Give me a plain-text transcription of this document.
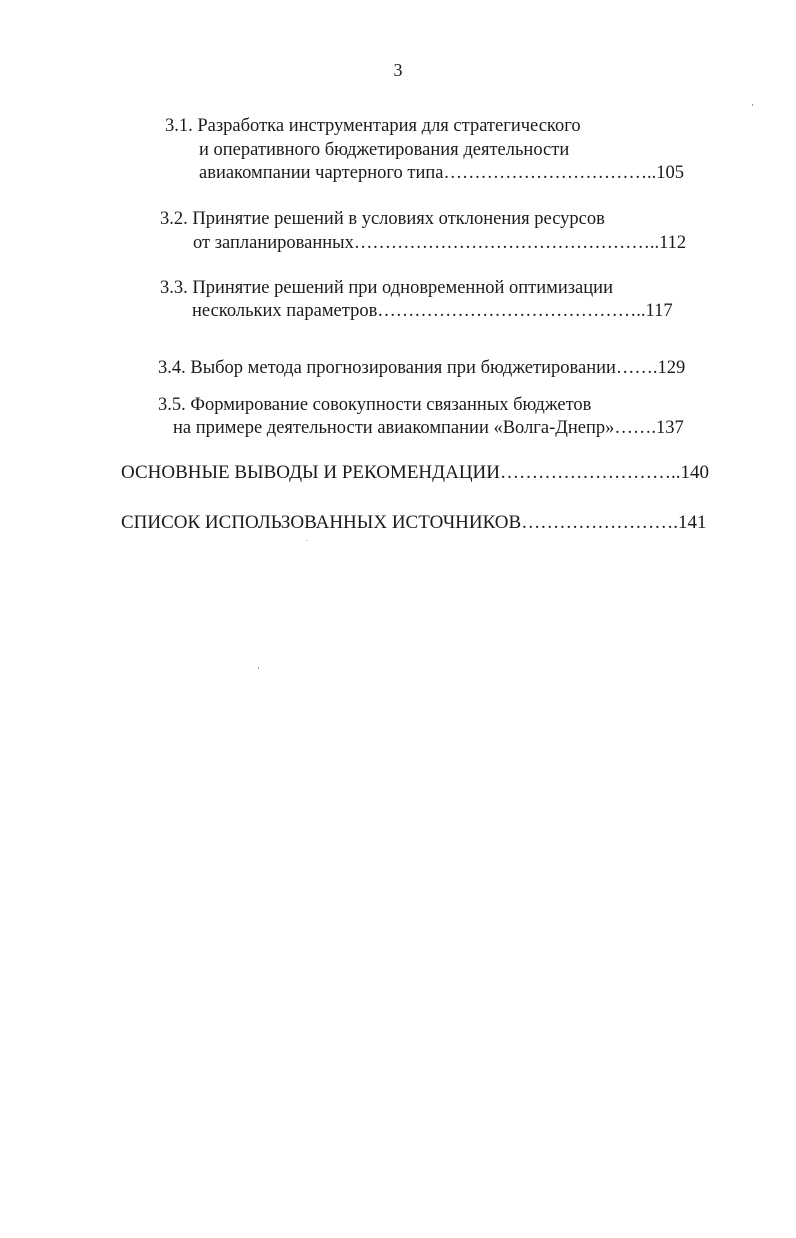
3
3.1. Разработка инструментария для стратегического
и оперативного бюджетирования деятельности
авиакомпании чартерного типа……………………………..105
3.2. Принятие решений в условиях отклонения ресурсов
от запланированных…………………………………………..112
3.3. Принятие решений при одновременной оптимизации
нескольких параметров……………………………………..117
3.4. Выбор метода прогнозирования при бюджетировании…….129
3.5. Формирование совокупности связанных бюджетов
на примере деятельности авиакомпании «Волга-Днепр»…….137
ОСНОВНЫЕ ВЫВОДЫ И РЕКОМЕНДАЦИИ………………………..140
СПИСОК ИСПОЛЬЗОВАННЫХ ИСТОЧНИКОВ…………………….141
